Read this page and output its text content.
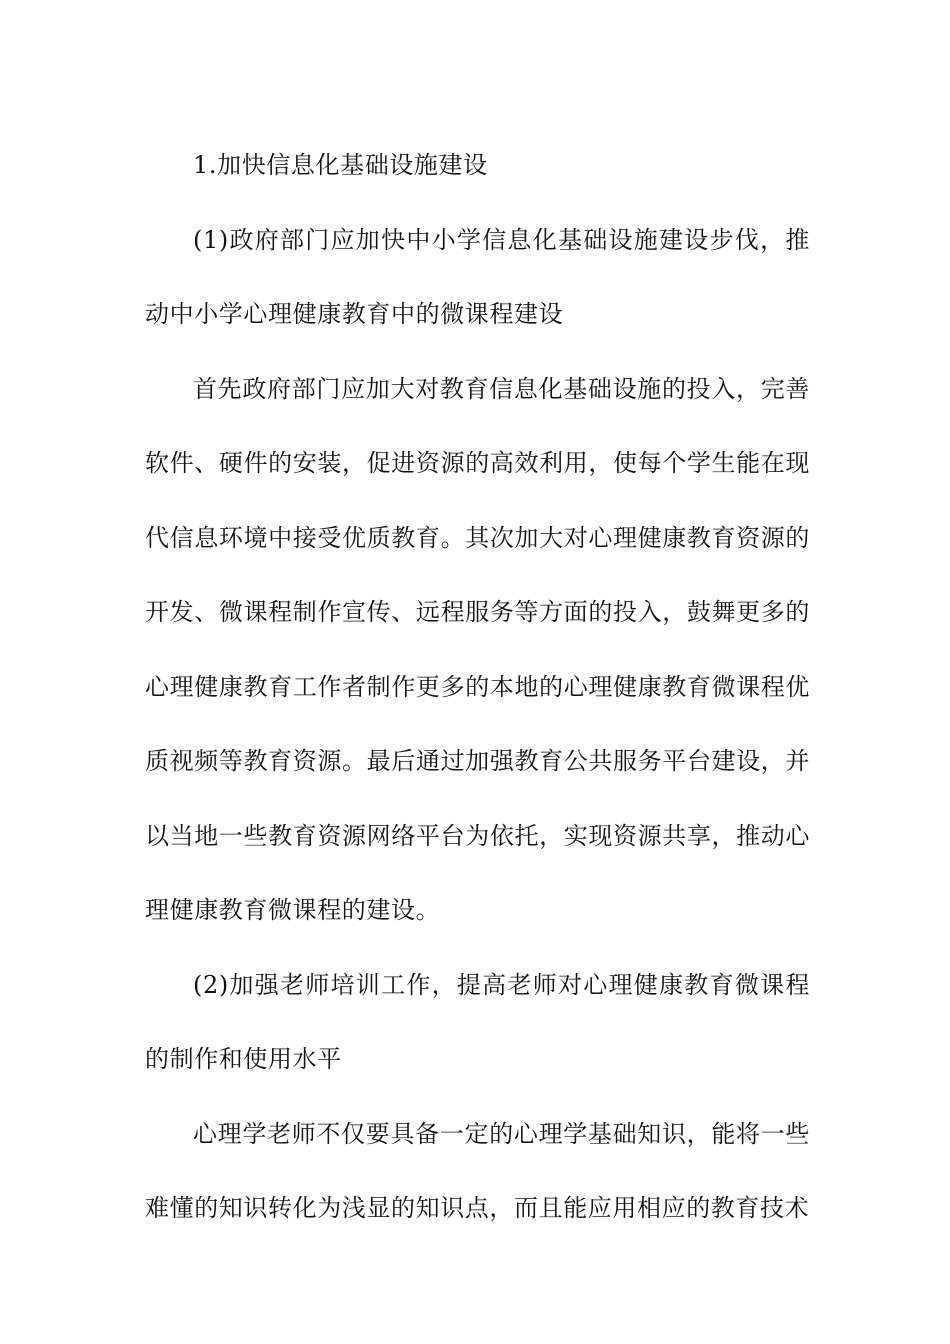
1.加快信息化基础设施建设

(1)政府部门应加快中小学信息化基础设施建设步伐，推动中小学心理健康教育中的微课程建设

首先政府部门应加大对教育信息化基础设施的投入，完善软件、硬件的安装，促进资源的高效利用，使每个学生能在现代信息环境中接受优质教育。其次加大对心理健康教育资源的开发、微课程制作宣传、远程服务等方面的投入，鼓舞更多的心理健康教育工作者制作更多的本地的心理健康教育微课程优质视频等教育资源。最后通过加强教育公共服务平台建设，并以当地一些教育资源网络平台为依托，实现资源共享，推动心理健康教育微课程的建设。

(2)加强老师培训工作，提高老师对心理健康教育微课程的制作和使用水平

心理学老师不仅要具备一定的心理学基础知识，能将一些难懂的知识转化为浅显的知识点，而且能应用相应的教育技术
